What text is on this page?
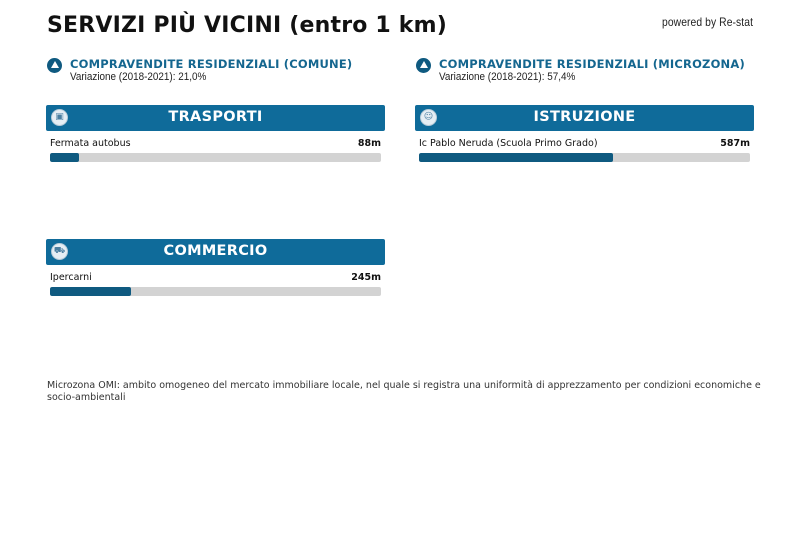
SERVIZI PIÙ VICINI (entro 1 km)	powered by Re-stat
COMPRAVENDITE RESIDENZIALI (COMUNE)
Variazione (2018-2021): 21,0%
COMPRAVENDITE RESIDENZIALI (MICROZONA)
Variazione (2018-2021): 57,4%
▣	TRASPORTI
Fermata autobus	88m
☺	ISTRUZIONE
Ic Pablo Neruda (Scuola Primo Grado)	587m
⛟	COMMERCIO
Ipercarni	245m
Microzona OMI: ambito omogeneo del mercato immobiliare locale, nel quale si registra una uniformità di apprezzamento per condizioni economiche e socio-ambientali
